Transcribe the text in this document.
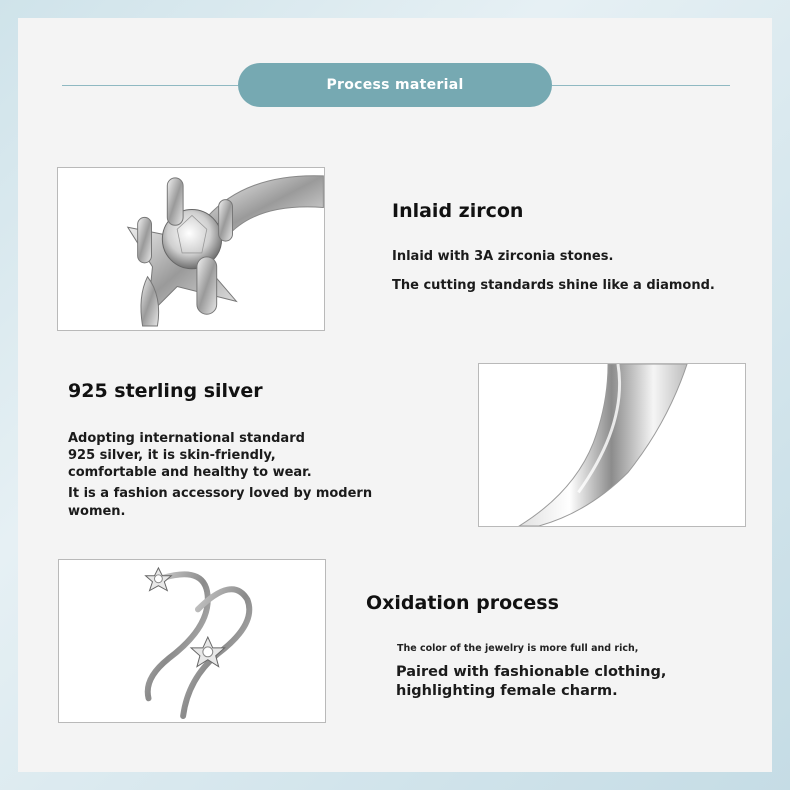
Process material
Inlaid zircon
Inlaid with 3A zirconia stones.
The cutting standards shine like a diamond.
925 sterling silver
Adopting international standard 925 silver, it is skin-friendly, comfortable and healthy to wear.
It is a fashion accessory loved by modern women.
Oxidation process
The color of the jewelry is more full and rich,
Paired with fashionable clothing,
highlighting female charm.
